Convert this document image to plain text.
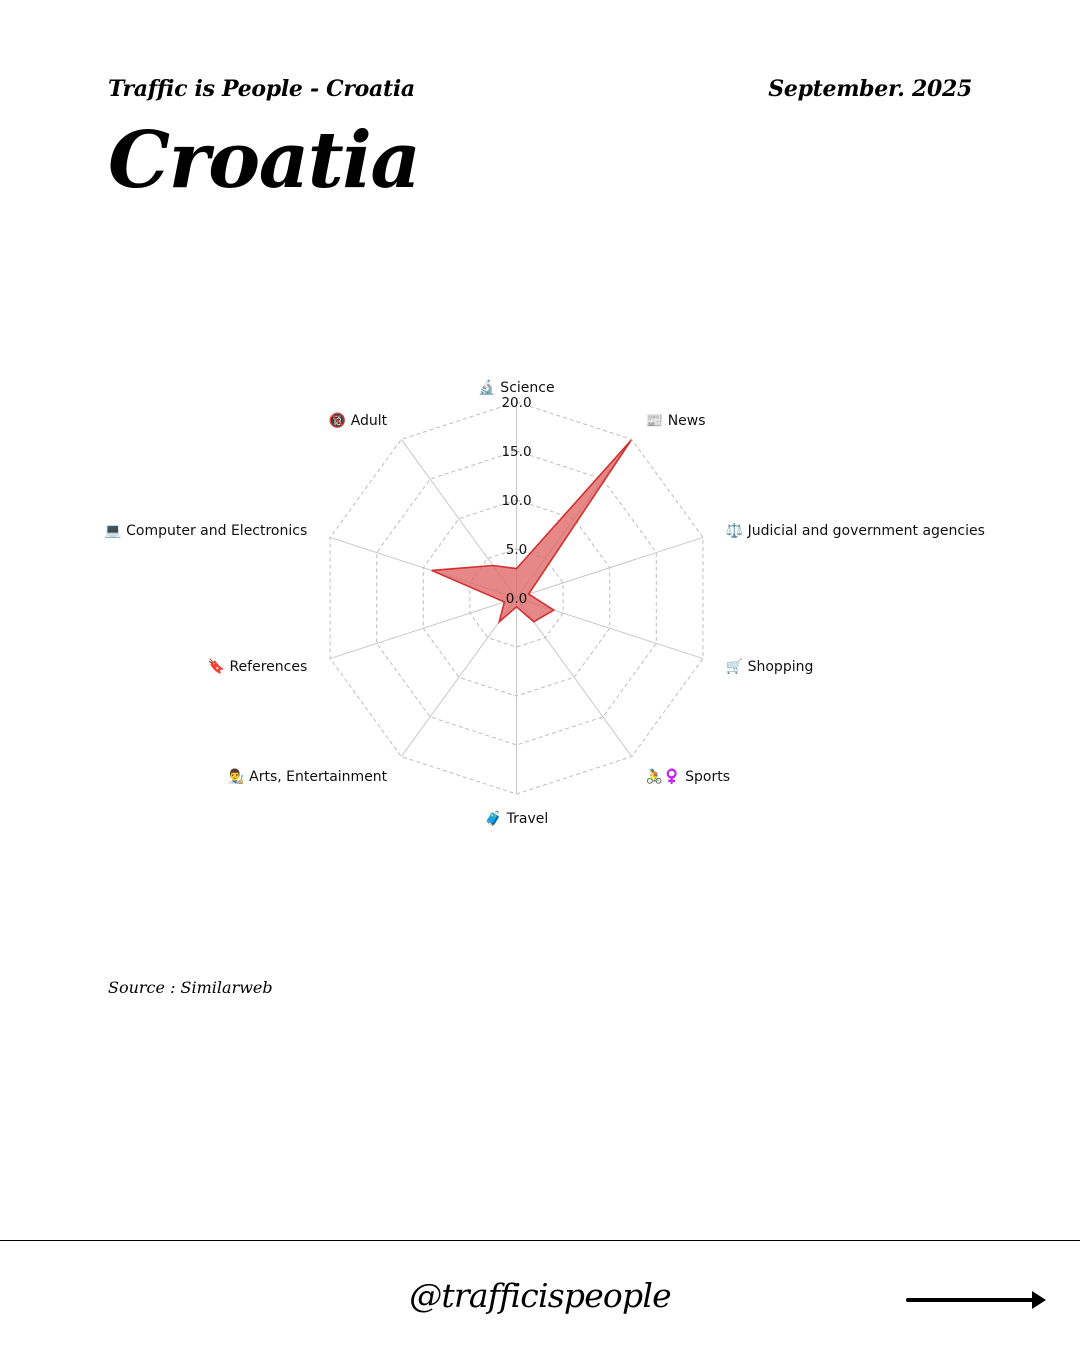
Traffic is People - Croatia	September. 2025
Croatia
0.0
5.0
10.0
15.0
20.0
🔬 Science
📰 News
⚖️ Judicial and government agencies
🛒 Shopping
🚴♀️ Sports
🧳 Travel
👨‍🎨 Arts, Entertainment
🔖 References
💻 Computer and Electronics
🔞 Adult
Source : Similarweb
@trafficispeople
